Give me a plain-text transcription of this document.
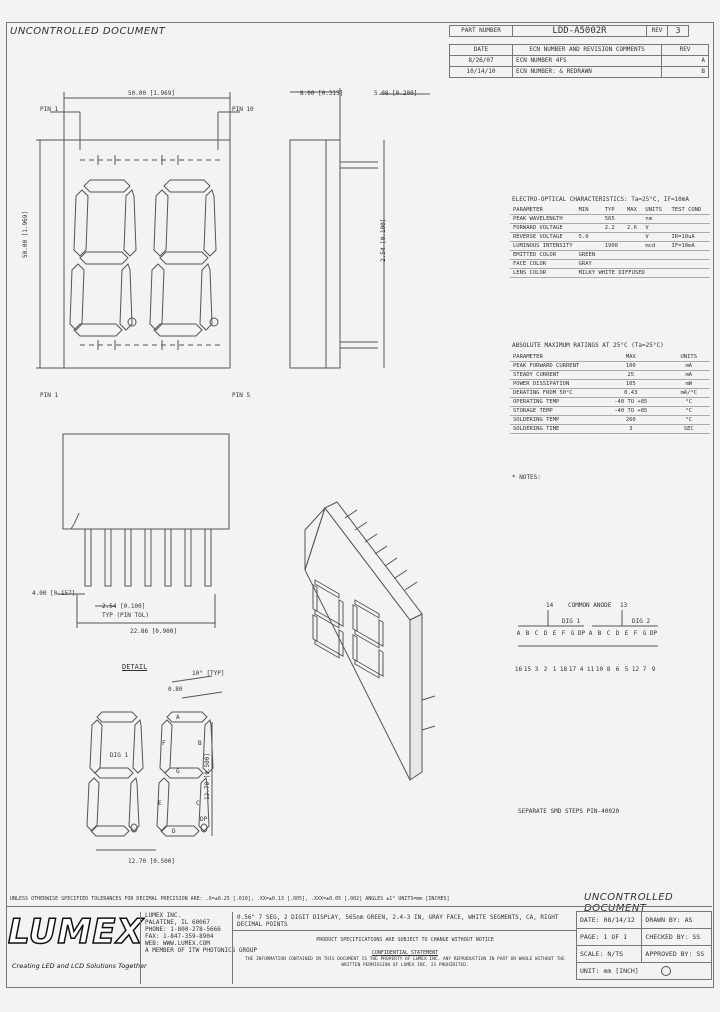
UNCONTROLLED DOCUMENT	PART NUMBER	LDD-A5002R	REV	3
DATE	ECN NUMBER AND REVISION COMMENTS	REV
8/26/07	ECN NUMBER 4FS	A
10/14/10	ECN NUMBER: & REDRAWN	B
50.00 [1.969]
50.00 [1.969]
PIN 1	PIN 10
PIN 1	PIN 5
8.00 [0.315]	5.08 [0.200]
2.54 [0.100]
4.00 [0.157]
2.54 [0.100]
TYP (PIN TOL)
22.86 [0.900]
DETAIL
10° [TYP]
0.80
12.70 [0.500]
12.70 [0.500]
DIG 1
A
F	B
G
E	C
D
DP
ELECTRO-OPTICAL CHARACTERISTICS: Ta=25°C, IF=10mA
PARAMETER	MIN	TYP	MAX	UNITS	TEST COND
PEAK WAVELENGTH		565		nm	
FORWARD VOLTAGE		2.2	2.6	V	
REVERSE VOLTAGE	5.0			V	IR=10uA
LUMINOUS INTENSITY		1900		mcd	IF=10mA
EMITTED COLOR	GREEN				
FACE COLOR	GRAY				
LENS COLOR	MILKY WHITE DIFFUSED				
ABSOLUTE MAXIMUM RATINGS AT 25°C (Ta=25°C)
PARAMETER	MAX	UNITS
PEAK FORWARD CURRENT	100	mA
STEADY CURRENT	25	mA
POWER DISSIPATION	105	mW
DERATING FROM 50°C	0.43	mA/°C
OPERATING TEMP	-40 TO +85	°C
STORAGE TEMP	-40 TO +85	°C
SOLDERING TEMP	260	°C
SOLDERING TIME	3	SEC
* NOTES:
14 COMMON ANODE 13
DIG 1	DIG 2
A B C D E F G DP A B C D E F G DP
16 15 3 2 1 18 17 4 11 10 8 6 5 12 7 9
SEPARATE SMD STEPS PIN-40020
UNLESS OTHERWISE SPECIFIED TOLERANCES FOR DECIMAL PRECISION ARE: .X=±0.25 [.010], .XX=±0.13 [.005], .XXX=±0.05 [.002] ANGLES ±1° UNITS=mm [INCHES]	UNCONTROLLED DOCUMENT
LUMEX
Creating LED and LCD Solutions Together
LUMEX INC.
PALATINE, IL 60067
PHONE: 1-800-278-5666
FAX: 1-847-359-8904
WEB: WWW.LUMEX.COM
A MEMBER OF ITW PHOTONICS GROUP
0.56" 7 SEG, 2 DIGIT DISPLAY, 565nm GREEN, 2.4-3 IN, GRAY FACE, WHITE SEGMENTS, CA, RIGHT DECIMAL POINTS
PRODUCT SPECIFICATIONS ARE SUBJECT TO CHANGE WITHOUT NOTICE
CONFIDENTIAL STATEMENT
THE INFORMATION CONTAINED IN THIS DOCUMENT IS THE PROPERTY OF LUMEX INC. ANY REPRODUCTION IN PART OR WHOLE WITHOUT THE WRITTEN PERMISSION OF LUMEX INC. IS PROHIBITED.
DATE: 08/14/12	DRAWN BY: AS
PAGE: 1 OF 1	CHECKED BY: SS
SCALE: N/TS	APPROVED BY: SS
UNIT: mm [INCH]	
